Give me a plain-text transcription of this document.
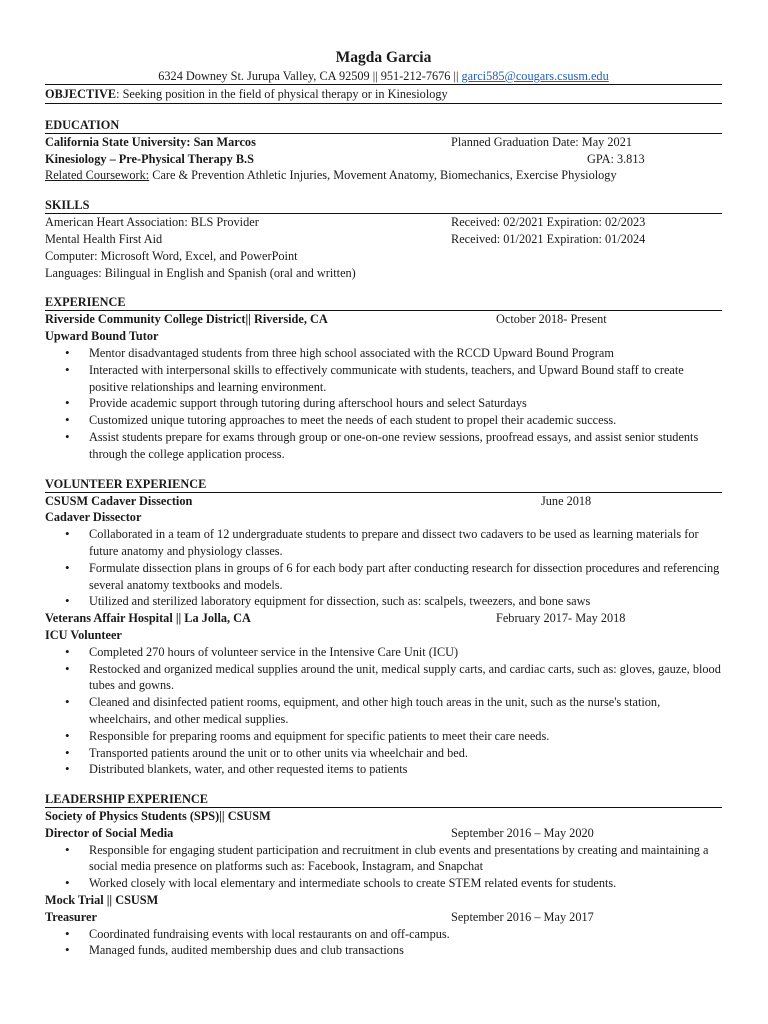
Magda Garcia
6324 Downey St. Jurupa Valley, CA 92509 || 951-212-7676 || garci585@cougars.csusm.edu
OBJECTIVE: Seeking position in the field of physical therapy or in Kinesiology
EDUCATION
California State University: San Marcos	Planned Graduation Date: May 2021
Kinesiology – Pre-Physical Therapy B.S	GPA: 3.813
Related Coursework: Care & Prevention Athletic Injuries, Movement Anatomy, Biomechanics, Exercise Physiology
SKILLS
American Heart Association: BLS Provider	Received: 02/2021 Expiration: 02/2023
Mental Health First Aid	Received: 01/2021 Expiration: 01/2024
Computer: Microsoft Word, Excel, and PowerPoint
Languages: Bilingual in English and Spanish (oral and written)
EXPERIENCE
Riverside Community College District|| Riverside, CA	October 2018- Present
Upward Bound Tutor
• Mentor disadvantaged students from three high school associated with the RCCD Upward Bound Program
• Interacted with interpersonal skills to effectively communicate with students, teachers, and Upward Bound staff to create positive relationships and learning environment.
• Provide academic support through tutoring during afterschool hours and select Saturdays
• Customized unique tutoring approaches to meet the needs of each student to propel their academic success.
• Assist students prepare for exams through group or one-on-one review sessions, proofread essays, and assist senior students through the college application process.
VOLUNTEER EXPERIENCE
CSUSM Cadaver Dissection	June 2018
Cadaver Dissector
• Collaborated in a team of 12 undergraduate students to prepare and dissect two cadavers to be used as learning materials for future anatomy and physiology classes.
• Formulate dissection plans in groups of 6 for each body part after conducting research for dissection procedures and referencing several anatomy textbooks and models.
• Utilized and sterilized laboratory equipment for dissection, such as: scalpels, tweezers, and bone saws
Veterans Affair Hospital || La Jolla, CA	February 2017- May 2018
ICU Volunteer
• Completed 270 hours of volunteer service in the Intensive Care Unit (ICU)
• Restocked and organized medical supplies around the unit, medical supply carts, and cardiac carts, such as: gloves, gauze, blood tubes and gowns.
• Cleaned and disinfected patient rooms, equipment, and other high touch areas in the unit, such as the nurse's station, wheelchairs, and other medical supplies.
• Responsible for preparing rooms and equipment for specific patients to meet their care needs.
• Transported patients around the unit or to other units via wheelchair and bed.
• Distributed blankets, water, and other requested items to patients
LEADERSHIP EXPERIENCE
Society of Physics Students (SPS)|| CSUSM
Director of Social Media	September 2016 – May 2020
• Responsible for engaging student participation and recruitment in club events and presentations by creating and maintaining a social media presence on platforms such as: Facebook, Instagram, and Snapchat
• Worked closely with local elementary and intermediate schools to create STEM related events for students.
Mock Trial || CSUSM
Treasurer	September 2016 – May 2017
• Coordinated fundraising events with local restaurants on and off-campus.
• Managed funds, audited membership dues and club transactions
